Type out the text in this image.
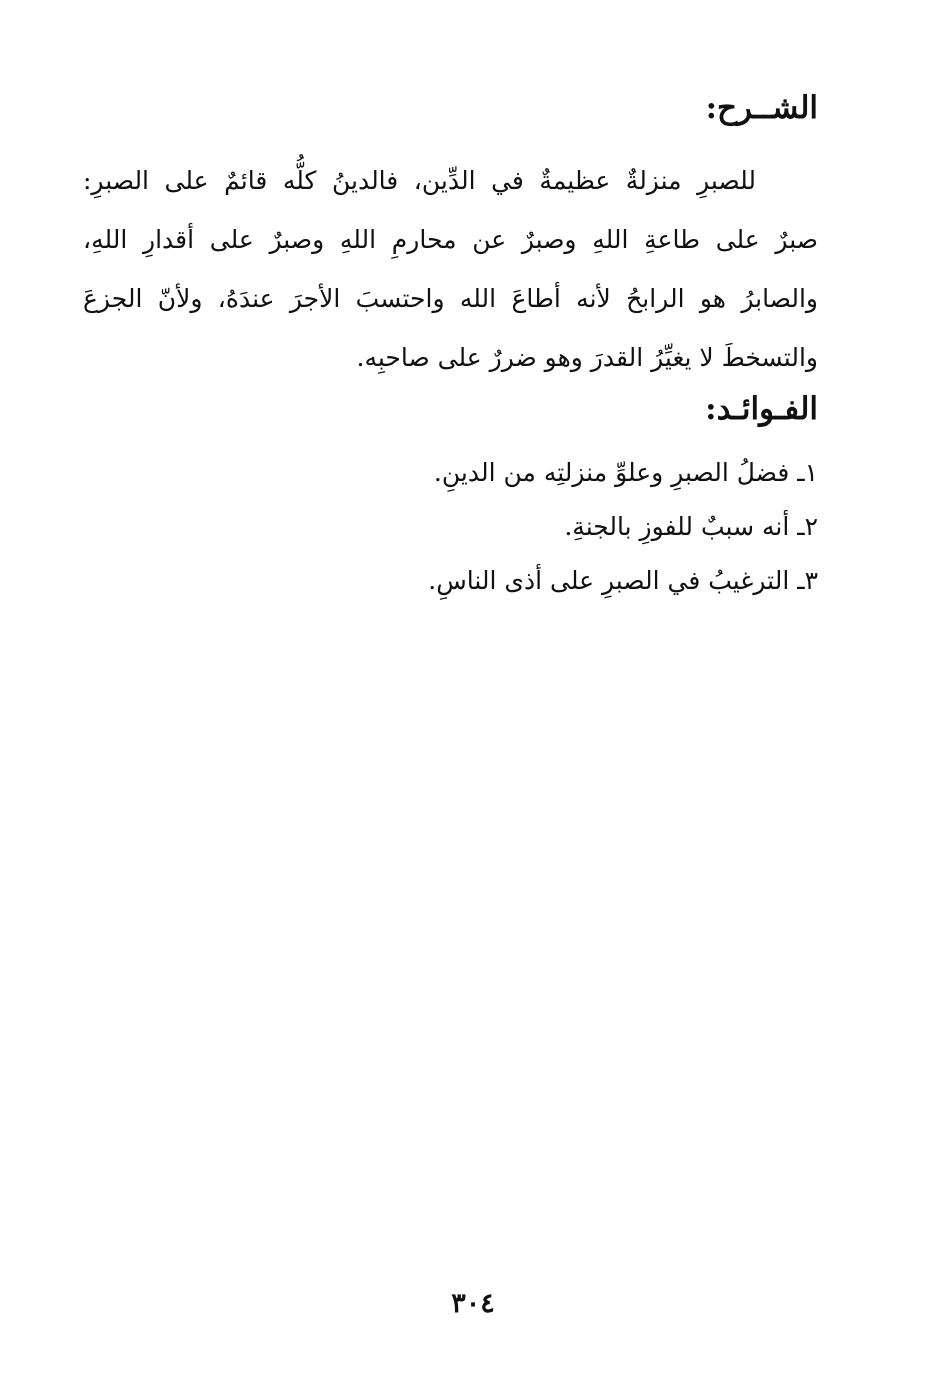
الشــرح:
للصبرِ منزلةٌ عظيمةٌ في الدِّين، فالدينُ كلُّه قائمٌ على الصبرِ:
صبرٌ على طاعةِ اللهِ وصبرٌ عن محارمِ اللهِ وصبرٌ على أقدارِ اللهِ،
والصابرُ هو الرابحُ لأنه أطاعَ الله واحتسبَ الأجرَ عندَهُ، ولأنّ الجزعَ
والتسخطَ لا يغيِّرُ القدرَ وهو ضررٌ على صاحبِه.
الفـوائـد:
١ـ فضلُ الصبرِ وعلوِّ منزلتِه من الدينِ.
٢ـ أنه سببٌ للفوزِ بالجنةِ.
٣ـ الترغيبُ في الصبرِ على أذى الناسِ.
٣٠٤
